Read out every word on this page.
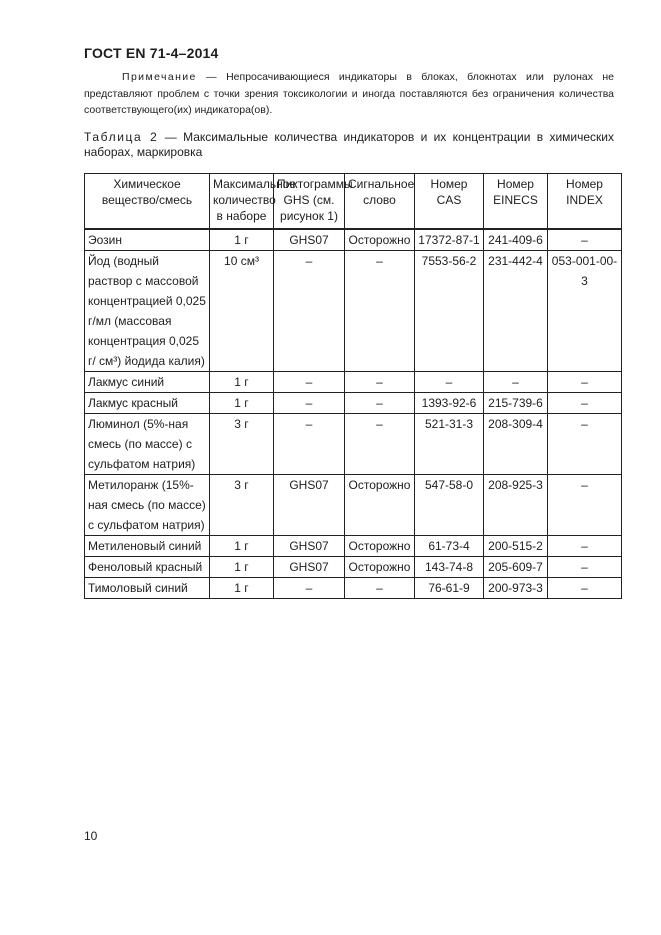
ГОСТ EN 71-4–2014
Примечание — Непросачивающиеся индикаторы в блоках, блокнотах или рулонах не представляют проблем с точки зрения токсикологии и иногда поставляются без ограничения количества соответствующего(их) индикатора(ов).
Таблица 2 — Максимальные количества индикаторов и их концентрации в химических наборах, маркировка
Химическое вещество/смесь	Максимальное количество в наборе	Пиктограммы GHS (см. рисунок 1)	Сигнальное слово	Номер CAS	Номер EINECS	Номер INDEX
Эозин	1 г	GHS07	Осторожно	17372-87-1	241-409-6	–
Йод (водный раствор с массовой концентрацией 0,025 г/мл (массовая концентрация 0,025 г/ см³) йодида калия)	10 см³	–	–	7553-56-2	231-442-4	053-001-00-3
Лакмус синий	1 г	–	–	–	–	–
Лакмус красный	1 г	–	–	1393-92-6	215-739-6	–
Люминол (5%-ная смесь (по массе) с сульфатом натрия)	3 г	–	–	521-31-3	208-309-4	–
Метилоранж (15%-ная смесь (по массе) с сульфатом натрия)	3 г	GHS07	Осторожно	547-58-0	208-925-3	–
Метиленовый синий	1 г	GHS07	Осторожно	61-73-4	200-515-2	–
Феноловый красный	1 г	GHS07	Осторожно	143-74-8	205-609-7	–
Тимоловый синий	1 г	–	–	76-61-9	200-973-3	–
10
